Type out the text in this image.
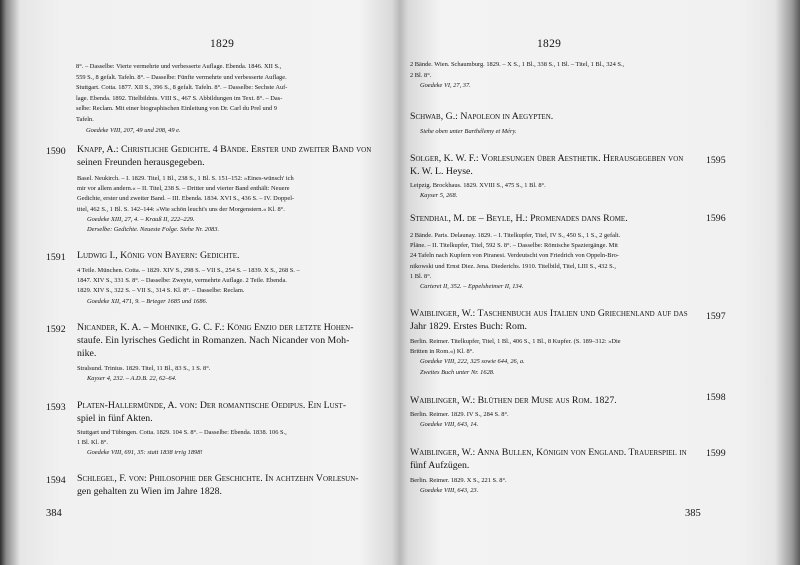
1829
8°. – Dasselbe: Vierte vermehrte und verbesserte Auflage. Ebenda. 1846. XII S.,
559 S., 8 gefalt. Tafeln. 8°. – Dasselbe: Fünfte vermehrte und verbesserte Auflage.
Stuttgart. Cotta. 1877. XII S., 396 S., 8 gefalt. Tafeln. 8°. – Dasselbe: Sechste Auf-
lage. Ebenda. 1892. Titelbildnis. VIII S., 467 S. Abbildungen im Text. 8°. – Das-
selbe: Reclam. Mit einer biographischen Einleitung von Dr. Carl du Prel und 9
Tafeln.
Goedeke VIII, 207, 49 und 208, 49 e.
1590 Knapp, A.: Christliche Gedichte. 4 Bände. Erster und zweiter Band von
seinen Freunden herausgegeben.
Basel. Neukirch. – I. 1829. Titel, 1 Bl., 238 S., 1 Bl. S. 151–152: »Eines-wünsch' ich
mir vor allem andern.« – II. Titel, 238 S. – Dritter und vierter Band enthält: Neuere
Gedichte, erster und zweiter Band. – III. Ebenda. 1834. XVI S., 436 S. – IV. Doppel-
titel, 462 S., 1 Bl. S. 142–144: »Wie schön leucht's uns der Morgenstern.« Kl. 8°.
Goedeke XIII, 27, 4. – Krauß II, 222–229.
Derselbe: Gedichte. Neueste Folge. Siehe Nr. 2083.
1591 Ludwig I., König von Bayern: Gedichte.
4 Teile. München. Cotta. – 1829. XIV S., 298 S. – VII S., 254 S. – 1839. X S., 268 S. –
1847. XIV S., 331 S. 8°. – Dasselbe: Zweyte, vermehrte Auflage. 2 Teile. Ebenda.
1829. XIV S., 322 S. – VII S., 314 S. Kl. 8°. – Dasselbe: Reclam.
Goedeke XII, 471, 9. – Brieger 1685 und 1686.
1592 Nicander, K. A. – Mohnike, G. C. F.: König Enzio der letzte Hohen-
staufe. Ein lyrisches Gedicht in Romanzen. Nach Nicander von Moh-
nike.
Stralsund. Trinius. 1829. Titel, 11 Bl., 83 S., 1 S. 8°.
Kayser 4, 232. – A.D.B. 22, 62–64.
1593 Platen-Hallermünde, A. von: Der romantische Oedipus. Ein Lust-
spiel in fünf Akten.
Stuttgart und Tübingen. Cotta. 1829. 104 S. 8°. – Dasselbe: Ebenda. 1838. 106 S.,
1 Bl. Kl. 8°.
Goedeke VIII, 691, 35: statt 1838 irrig 1898!
1594 Schlegel, F. von: Philosophie der Geschichte. In achtzehn Vorlesun-
gen gehalten zu Wien im Jahre 1828.
384
1829
2 Bände. Wien. Schaumburg. 1829. – X S., 1 Bl., 338 S., 1 Bl. – Titel, 1 Bl., 324 S.,
2 Bl. 8°.
Goedeke VI, 27, 37.
Schwab, G.: Napoleon in Aegypten.
Siehe oben unter Barthélemy et Méry.
Solger, K. W. F.: Vorlesungen über Aesthetik. Herausgegeben von
K. W. L. Heyse.
1595
Leipzig. Brockhaus. 1829. XVIII S., 475 S., 1 Bl. 8°.
Kayser 5, 268.
Stendhal, M. de – Beyle, H.: Promenades dans Rome.	1596
2 Bände. Paris. Delaunay. 1829. – I. Titelkupfer, Titel, IV S., 450 S., 1 S., 2 gefalt.
Pläne. – II. Titelkupfer, Titel, 592 S. 8°. – Dasselbe: Römische Spaziergänge. Mit
24 Tafeln nach Kupfern von Piranesi. Verdeutscht von Friedrich von Oppeln-Bro-
nikowski und Ernst Diez. Jena. Diederichs. 1910. Titelbild, Titel, LIII S., 432 S.,
1 Bl. 8°.
Carteret II, 352. – Eppelsheimer II, 134.
Waiblinger, W.: Taschenbuch aus Italien und Griechenland auf das
Jahr 1829. Erstes Buch: Rom.
1597
Berlin. Reimer. Titelkupfer, Titel, 1 Bl., 406 S., 1 Bl., 8 Kupfer. (S. 189–312: »Die
Britten in Rom.«) Kl. 8°.
Goedeke VIII, 222, 325 sowie 644, 26, a.
Zweites Buch unter Nr. 1628.
Waiblinger, W.: Blüthen der Muse aus Rom. 1827.	1598
Berlin. Reimer. 1829. IV S., 284 S. 8°.
Goedeke VIII, 643, 14.
Waiblinger, W.: Anna Bullen, Königin von England. Trauerspiel in
fünf Aufzügen.
1599
Berlin. Reimer. 1829. X S., 221 S. 8°.
Goedeke VIII, 643, 23.
385
